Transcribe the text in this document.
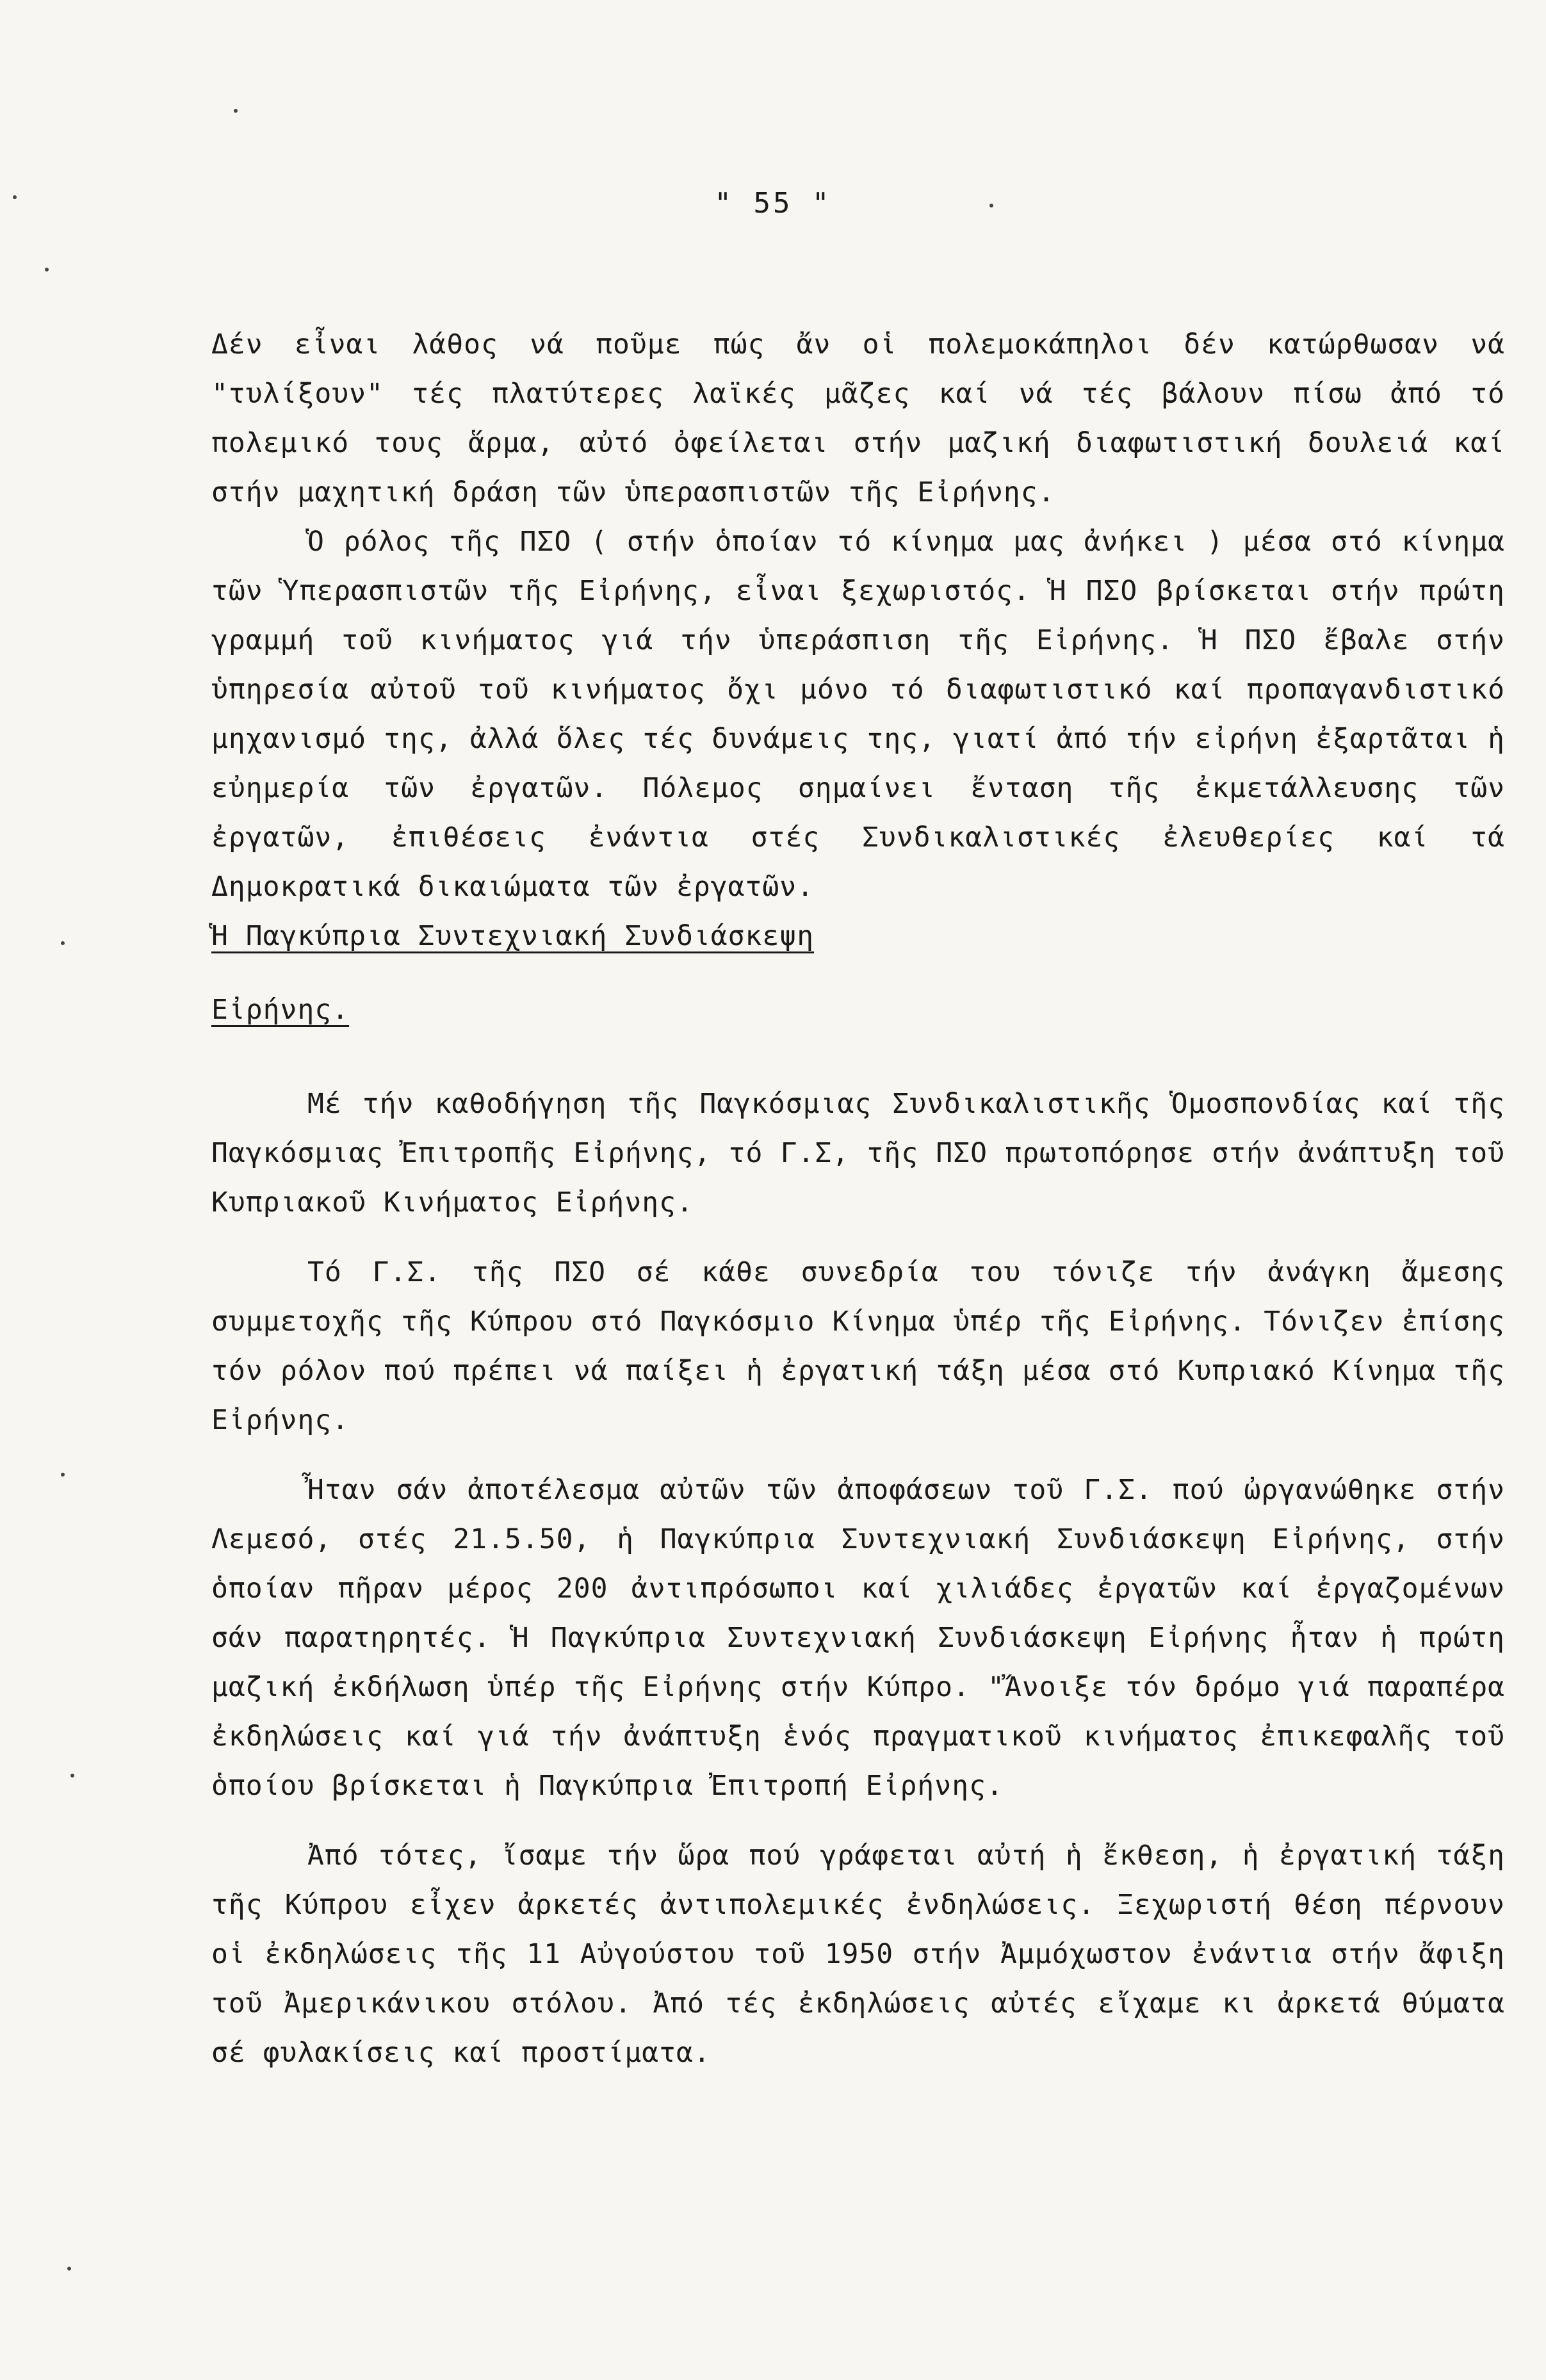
" 55 "

Δέν εἶναι λάθος νά ποῦμε πώς ἄν οἱ πολεμοκάπηλοι δέν κατώρθωσαν νά "τυλίξουν" τές πλατύτερες λαϊκές μᾶζες καί νά τές βάλουν πίσω ἀπό τό πολεμικό τους ἅρμα, αὐτό ὀφείλεται στήν μαζική διαφωτιστική δουλειά καί στήν μαχητική δράση τῶν ὑπερασπιστῶν τῆς Εἰρήνης.

Ὁ ρόλος τῆς ΠΣΟ ( στήν ὁποίαν τό κίνημα μας ἀνήκει ) μέσα στό κίνημα τῶν Ὑπερασπιστῶν τῆς Εἰρήνης, εἶναι ξεχωριστός. Ἡ ΠΣΟ βρίσκεται στήν πρώτη γραμμή τοῦ κινήματος γιά τήν ὑπεράσπιση τῆς Εἰρήνης. Ἡ ΠΣΟ ἔβαλε στήν ὑπηρεσία αὐτοῦ τοῦ κινήματος ὄχι μόνο τό διαφωτιστικό καί προπαγανδιστικό μηχανισμό της, ἀλλά ὅλες τές δυνάμεις της, γιατί ἀπό τήν εἰρήνη ἐξαρτᾶται ἡ εὐημερία τῶν ἐργατῶν. Πόλεμος σημαίνει ἔνταση τῆς ἐκμετάλλευσης τῶν ἐργατῶν, ἐπιθέσεις ἐνάντια στές Συνδικαλιστικές ἐλευθερίες καί τά Δημοκρατικά δικαιώματα τῶν ἐργατῶν.

Ἡ Παγκύπρια Συντεχνιακή Συνδιάσκεψη

Εἰρήνης.

Μέ τήν καθοδήγηση τῆς Παγκόσμιας Συνδικαλιστικῆς Ὁμοσπονδίας καί τῆς Παγκόσμιας Ἐπιτροπῆς Εἰρήνης, τό Γ.Σ, τῆς ΠΣΟ πρωτοπόρησε στήν ἀνάπτυξη τοῦ Κυπριακοῦ Κινήματος Εἰρήνης.

Τό Γ.Σ. τῆς ΠΣΟ σέ κάθε συνεδρία του τόνιζε τήν ἀνάγκη ἄμεσης συμμετοχῆς τῆς Κύπρου στό Παγκόσμιο Κίνημα ὑπέρ τῆς Εἰρήνης. Τόνιζεν ἐπίσης τόν ρόλον πού πρέπει νά παίξει ἡ ἐργατική τάξη μέσα στό Κυπριακό Κίνημα τῆς Εἰρήνης.

Ἦταν σάν ἀποτέλεσμα αὐτῶν τῶν ἀποφάσεων τοῦ Γ.Σ. πού ὠργανώθηκε στήν Λεμεσό, στές 21.5.50, ἡ Παγκύπρια Συντεχνιακή Συνδιάσκεψη Εἰρήνης, στήν ὁποίαν πῆραν μέρος 200 ἀντιπρόσωποι καί χιλιάδες ἐργατῶν καί ἐργαζομένων σάν παρατηρητές. Ἡ Παγκύπρια Συντεχνιακή Συνδιάσκεψη Εἰρήνης ἦταν ἡ πρώτη μαζική ἐκδήλωση ὑπέρ τῆς Εἰρήνης στήν Κύπρο. "Ἄνοιξε τόν δρόμο γιά παραπέρα ἐκδηλώσεις καί γιά τήν ἀνάπτυξη ἑνός πραγματικοῦ κινήματος ἐπικεφαλῆς τοῦ ὁποίου βρίσκεται ἡ Παγκύπρια Ἐπιτροπή Εἰρήνης.

Ἀπό τότες, ἴσαμε τήν ὥρα πού γράφεται αὐτή ἡ ἔκθεση, ἡ ἐργατική τάξη τῆς Κύπρου εἶχεν ἀρκετές ἀντιπολεμικές ἐνδηλώσεις. Ξεχωριστή θέση πέρνουν οἱ ἐκδηλώσεις τῆς 11 Αὐγούστου τοῦ 1950 στήν Ἀμμόχωστον ἐνάντια στήν ἄφιξη τοῦ Ἀμερικάνικου στόλου. Ἀπό τές ἐκδηλώσεις αὐτές εἴχαμε κι ἀρκετά θύματα σέ φυλακίσεις καί προστίματα.
